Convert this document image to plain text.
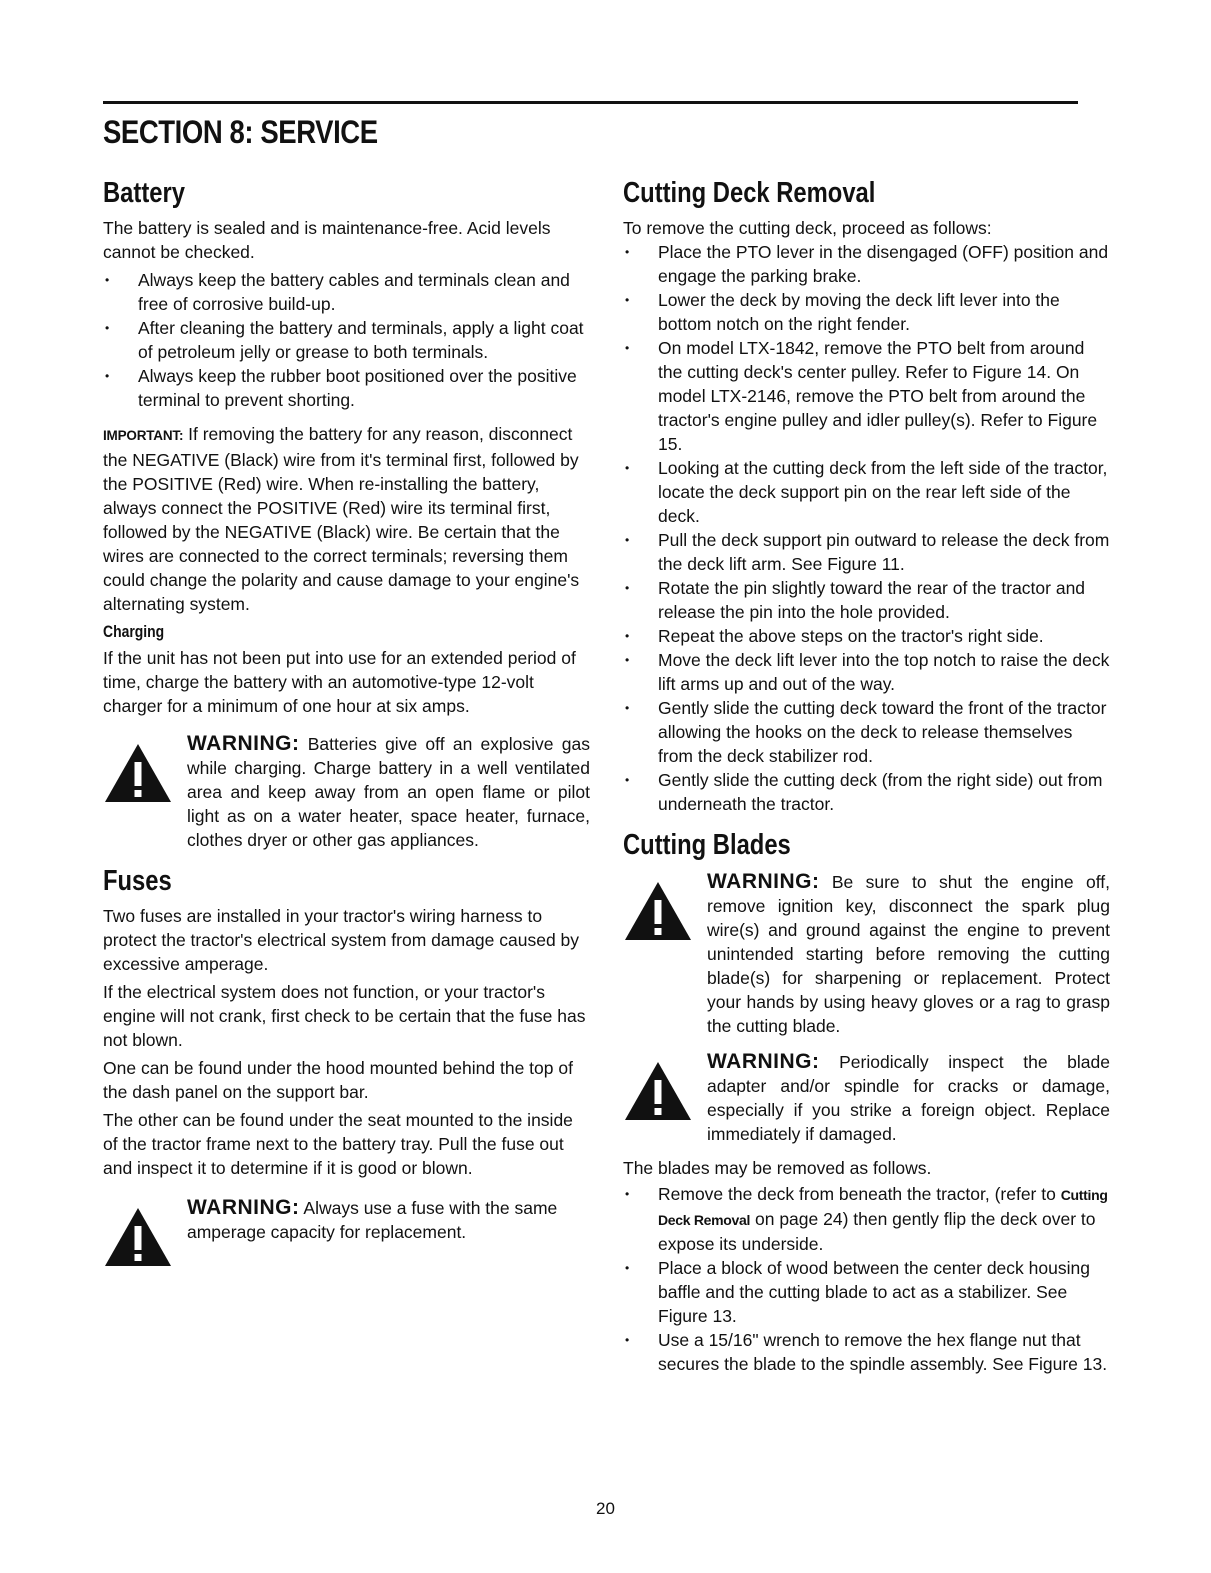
SECTION 8: SERVICE
Battery

The battery is sealed and is maintenance-free. Acid levels cannot be checked.

• Always keep the battery cables and terminals clean and free of corrosive build-up.
• After cleaning the battery and terminals, apply a light coat of petroleum jelly or grease to both terminals.
• Always keep the rubber boot positioned over the positive terminal to prevent shorting.

IMPORTANT: If removing the battery for any reason, disconnect the NEGATIVE (Black) wire from it's terminal first, followed by the POSITIVE (Red) wire. When re-installing the battery, always connect the POSITIVE (Red) wire its terminal first, followed by the NEGATIVE (Black) wire. Be certain that the wires are connected to the correct terminals; reversing them could change the polarity and cause damage to your engine's alternating system.

Charging

If the unit has not been put into use for an extended period of time, charge the battery with an automotive-type 12-volt charger for a minimum of one hour at six amps.

WARNING: Batteries give off an explosive gas while charging. Charge battery in a well ventilated area and keep away from an open flame or pilot light as on a water heater, space heater, furnace, clothes dryer or other gas appliances.
Fuses

Two fuses are installed in your tractor's wiring harness to protect the tractor's electrical system from damage caused by excessive amperage.

If the electrical system does not function, or your tractor's engine will not crank, first check to be certain that the fuse has not blown.

One can be found under the hood mounted behind the top of the dash panel on the support bar.

The other can be found under the seat mounted to the inside of the tractor frame next to the battery tray. Pull the fuse out and inspect it to determine if it is good or blown.

WARNING: Always use a fuse with the same amperage capacity for replacement.
Cutting Deck Removal

To remove the cutting deck, proceed as follows:

• Place the PTO lever in the disengaged (OFF) position and engage the parking brake.
• Lower the deck by moving the deck lift lever into the bottom notch on the right fender.
• On model LTX-1842, remove the PTO belt from around the cutting deck's center pulley. Refer to Figure 14. On model LTX-2146, remove the PTO belt from around the tractor's engine pulley and idler pulley(s). Refer to Figure 15.
• Looking at the cutting deck from the left side of the tractor, locate the deck support pin on the rear left side of the deck.
• Pull the deck support pin outward to release the deck from the deck lift arm. See Figure 11.
• Rotate the pin slightly toward the rear of the tractor and release the pin into the hole provided.
• Repeat the above steps on the tractor's right side.
• Move the deck lift lever into the top notch to raise the deck lift arms up and out of the way.
• Gently slide the cutting deck toward the front of the tractor allowing the hooks on the deck to release themselves from the deck stabilizer rod.
• Gently slide the cutting deck (from the right side) out from underneath the tractor.
Cutting Blades
WARNING: Be sure to shut the engine off, remove ignition key, disconnect the spark plug wire(s) and ground against the engine to prevent unintended starting before removing the cutting blade(s) for sharpening or replacement. Protect your hands by using heavy gloves or a rag to grasp the cutting blade.
WARNING: Periodically inspect the blade adapter and/or spindle for cracks or damage, especially if you strike a foreign object. Replace immediately if damaged.

The blades may be removed as follows.

• Remove the deck from beneath the tractor, (refer to Cutting Deck Removal on page 24) then gently flip the deck over to expose its underside.
• Place a block of wood between the center deck housing baffle and the cutting blade to act as a stabilizer. See Figure 13.
• Use a 15/16" wrench to remove the hex flange nut that secures the blade to the spindle assembly. See Figure 13.
20
